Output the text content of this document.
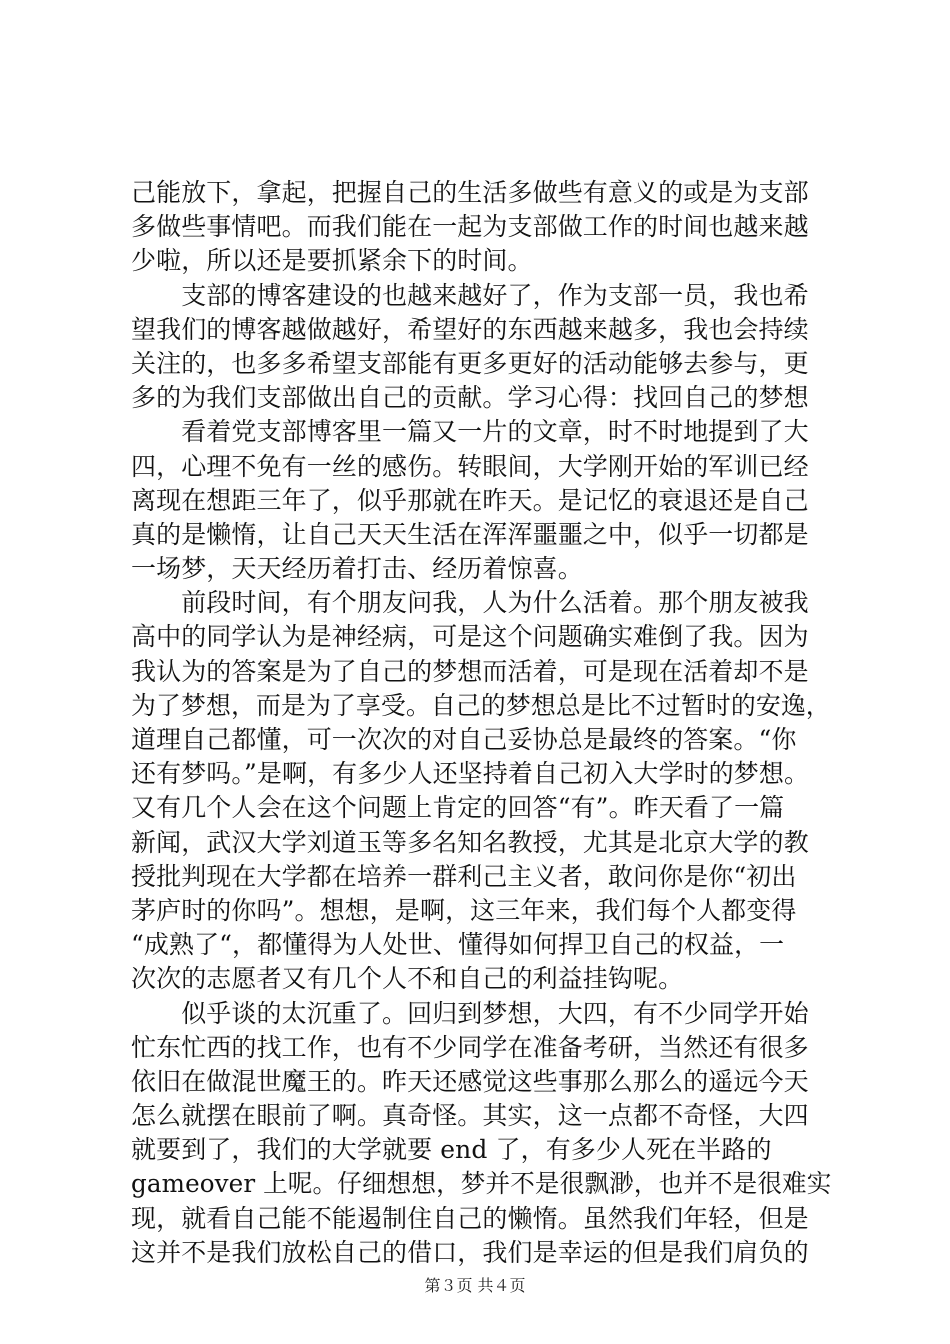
己能放下，拿起，把握自己的生活多做些有意义的或是为支部
多做些事情吧。而我们能在一起为支部做工作的时间也越来越
少啦，所以还是要抓紧余下的时间。
　　支部的博客建设的也越来越好了，作为支部一员，我也希
望我们的博客越做越好，希望好的东西越来越多，我也会持续
关注的，也多多希望支部能有更多更好的活动能够去参与，更
多的为我们支部做出自己的贡献。学习心得：找回自己的梦想
　　看着党支部博客里一篇又一片的文章，时不时地提到了大
四，心理不免有一丝的感伤。转眼间，大学刚开始的军训已经
离现在想距三年了，似乎那就在昨天。是记忆的衰退还是自己
真的是懒惰，让自己天天生活在浑浑噩噩之中，似乎一切都是
一场梦，天天经历着打击、经历着惊喜。
　　前段时间，有个朋友问我，人为什么活着。那个朋友被我
高中的同学认为是神经病，可是这个问题确实难倒了我。因为
我认为的答案是为了自己的梦想而活着，可是现在活着却不是
为了梦想，而是为了享受。自己的梦想总是比不过暂时的安逸，
道理自己都懂，可一次次的对自己妥协总是最终的答案。“你
还有梦吗。”是啊，有多少人还坚持着自己初入大学时的梦想。
又有几个人会在这个问题上肯定的回答“有”。昨天看了一篇
新闻，武汉大学刘道玉等多名知名教授，尤其是北京大学的教
授批判现在大学都在培养一群利己主义者，敢问你是你“初出
茅庐时的你吗”。想想，是啊，这三年来，我们每个人都变得
“成熟了“，都懂得为人处世、懂得如何捍卫自己的权益，一
次次的志愿者又有几个人不和自己的利益挂钩呢。
　　似乎谈的太沉重了。回归到梦想，大四，有不少同学开始
忙东忙西的找工作，也有不少同学在准备考研，当然还有很多
依旧在做混世魔王的。昨天还感觉这些事那么那么的遥远今天
怎么就摆在眼前了啊。真奇怪。其实，这一点都不奇怪，大四
就要到了，我们的大学就要 end 了，有多少人死在半路的
gameover 上呢。仔细想想，梦并不是很飘渺，也并不是很难实
现，就看自己能不能遏制住自己的懒惰。虽然我们年轻，但是
这并不是我们放松自己的借口，我们是幸运的但是我们肩负的
第３页 共４页
